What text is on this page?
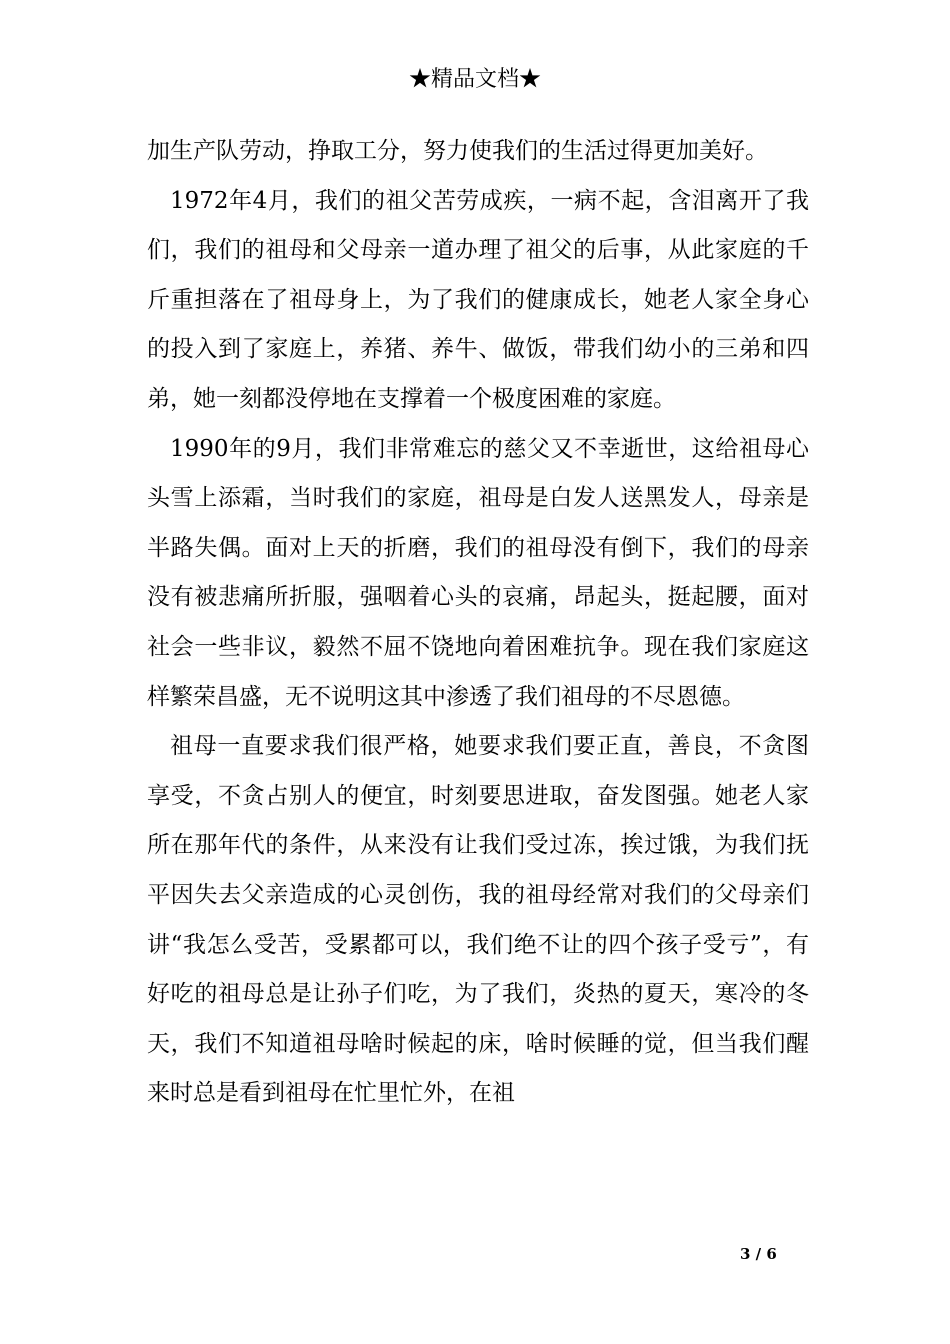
★精品文档★

加生产队劳动，挣取工分，努力使我们的生活过得更加美好。

1972年4月，我们的祖父苦劳成疾，一病不起，含泪离开了我们，我们的祖母和父母亲一道办理了祖父的后事，从此家庭的千斤重担落在了祖母身上，为了我们的健康成长，她老人家全身心的投入到了家庭上，养猪、养牛、做饭，带我们幼小的三弟和四弟，她一刻都没停地在支撑着一个极度困难的家庭。

1990年的9月，我们非常难忘的慈父又不幸逝世，这给祖母心头雪上添霜，当时我们的家庭，祖母是白发人送黑发人，母亲是半路失偶。面对上天的折磨，我们的祖母没有倒下，我们的母亲没有被悲痛所折服，强咽着心头的哀痛，昂起头，挺起腰，面对社会一些非议，毅然不屈不饶地向着困难抗争。现在我们家庭这样繁荣昌盛，无不说明这其中渗透了我们祖母的不尽恩德。

祖母一直要求我们很严格，她要求我们要正直，善良，不贪图享受，不贪占别人的便宜，时刻要思进取，奋发图强。她老人家所在那年代的条件，从来没有让我们受过冻，挨过饿，为我们抚平因失去父亲造成的心灵创伤，我的祖母经常对我们的父母亲们讲“我怎么受苦，受累都可以，我们绝不让的四个孩子受亏”，有好吃的祖母总是让孙子们吃，为了我们，炎热的夏天，寒冷的冬天，我们不知道祖母啥时候起的床，啥时候睡的觉，但当我们醒来时总是看到祖母在忙里忙外，在祖

3 / 6
